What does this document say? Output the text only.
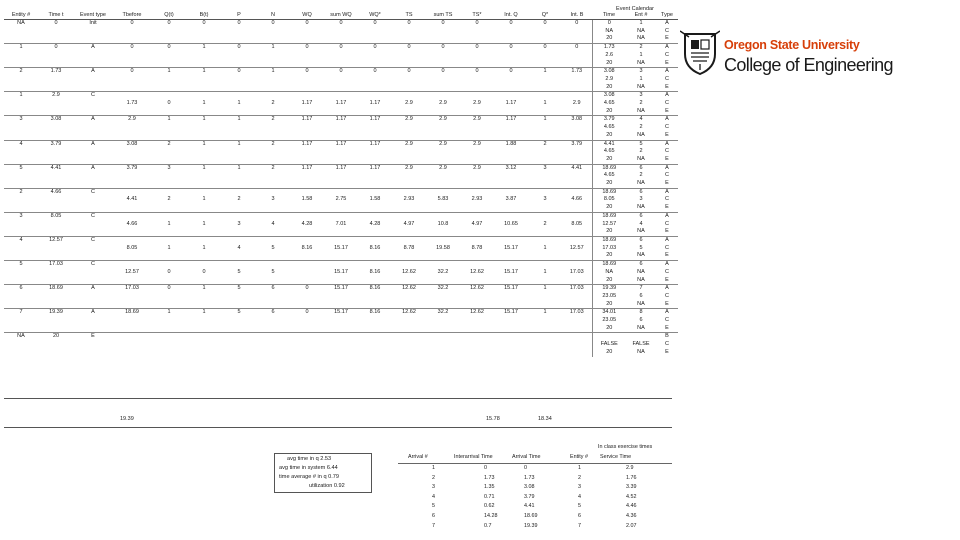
																	Event Calendar		
Entity #	Time t	Event type	Tbefore	Q(t)	B(t)	P	N	WQ	sum WQ	WQ*	TS	sum TS	TS*	Int. Q	Q*	Int. B	Time	Ent #	Type
NA	0	Init	0	0	0	0	0	0	0	0	0	0	0	0	0	0	0	1	A
																	NA	NA	C
																	20	NA	E
1	0	A	0	0	1	0	1	0	0	0	0	0	0	0	0	0	1.73	2	A
																	2.6	1	C
																	20	NA	E
2	1.73	A	0	1	1	0	1	0	0	0	0	0	0	0	1	1.73	3.08	3	A
																	2.9	1	C
																	20	NA	E
1	2.9	C															3.08	3	A
			1.73	0	1	1	2	1.17	1.17	1.17	2.9	2.9	2.9	1.17	1	2.9	4.65	2	C
																	20	NA	E
3	3.08	A	2.9	1	1	1	2	1.17	1.17	1.17	2.9	2.9	2.9	1.17	1	3.08	3.79	4	A
																	4.65	2	C
																	20	NA	E
4	3.79	A	3.08	2	1	1	2	1.17	1.17	1.17	2.9	2.9	2.9	1.88	2	3.79	4.41	5	A
																	4.65	2	C
																	20	NA	E
5	4.41	A	3.79	3	1	1	2	1.17	1.17	1.17	2.9	2.9	2.9	3.12	3	4.41	18.69	6	A
																	4.65	2	C
																	20	NA	E
2	4.66	C															18.69	6	A
			4.41	2	1	2	3	1.58	2.75	1.58	2.93	5.83	2.93	3.87	3	4.66	8.05	3	C
																	20	NA	E
3	8.05	C															18.69	6	A
			4.66	1	1	3	4	4.28	7.01	4.28	4.97	10.8	4.97	10.65	2	8.05	12.57	4	C
																	20	NA	E
4	12.57	C															18.69	6	A
			8.05	1	1	4	5	8.16	15.17	8.16	8.78	19.58	8.78	15.17	1	12.57	17.03	5	C
																	20	NA	E
5	17.03	C															18.69	6	A
			12.57	0	0	5	5		15.17	8.16	12.62	32.2	12.62	15.17	1	17.03	NA	NA	C
																	20	NA	E
6	18.69	A	17.03	0	1	5	6	0	15.17	8.16	12.62	32.2	12.62	15.17	1	17.03	19.39	7	A
																	23.05	6	C
																	20	NA	E
7	19.39	A	18.69	1	1	5	6	0	15.17	8.16	12.62	32.2	12.62	15.17	1	17.03	34.01	8	A
																	23.05	6	C
																	20	NA	E
NA	20	E																	B
																	FALSE	FALSE	C
																	20	NA	E
19.39	15.78	18.34
Oregon State University
College of Engineering
avg time in q 2.53
avg time in system 6.44
time average # in q 0.79
utilization 0.92
In class exercise times
Arrival #	Interarrival Time	Arrival Time	Entity # Service Time
1	0	0	1	2.9
2	1.73	1.73	2	1.76
3	1.35	3.08	3	3.39
4	0.71	3.79	4	4.52
5	0.62	4.41	5	4.46
6	14.28	18.69	6	4.36
7	0.7	19.39	7	2.07
